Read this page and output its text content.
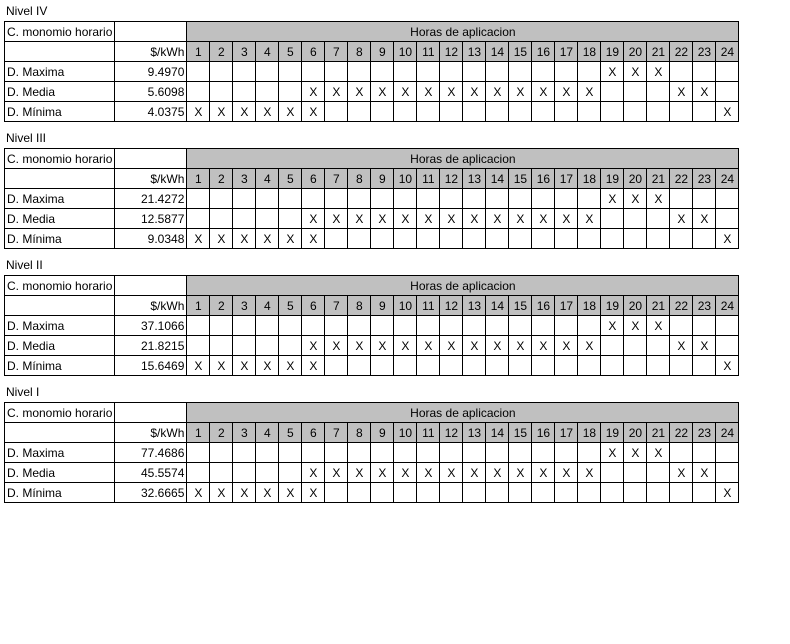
Nivel IV
C. monomio horario		Horas de aplicacion																							
	$/kWh	1	2	3	4	5	6	7	8	9	10	11	12	13	14	15	16	17	18	19	20	21	22	23	24
D. Maxima	9.4970																			X	X	X			
D. Media	5.6098						X	X	X	X	X	X	X	X	X	X	X	X	X				X	X	
D. Mínima	4.0375	X	X	X	X	X	X																		X
Nivel III
C. monomio horario		Horas de aplicacion																							
	$/kWh	1	2	3	4	5	6	7	8	9	10	11	12	13	14	15	16	17	18	19	20	21	22	23	24
D. Maxima	21.4272																			X	X	X			
D. Media	12.5877						X	X	X	X	X	X	X	X	X	X	X	X	X				X	X	
D. Mínima	9.0348	X	X	X	X	X	X																		X
Nivel II
C. monomio horario		Horas de aplicacion																							
	$/kWh	1	2	3	4	5	6	7	8	9	10	11	12	13	14	15	16	17	18	19	20	21	22	23	24
D. Maxima	37.1066																			X	X	X			
D. Media	21.8215						X	X	X	X	X	X	X	X	X	X	X	X	X				X	X	
D. Mínima	15.6469	X	X	X	X	X	X																		X
Nivel I
C. monomio horario		Horas de aplicacion																							
	$/kWh	1	2	3	4	5	6	7	8	9	10	11	12	13	14	15	16	17	18	19	20	21	22	23	24
D. Maxima	77.4686																			X	X	X			
D. Media	45.5574						X	X	X	X	X	X	X	X	X	X	X	X	X				X	X	
D. Mínima	32.6665	X	X	X	X	X	X																		X
